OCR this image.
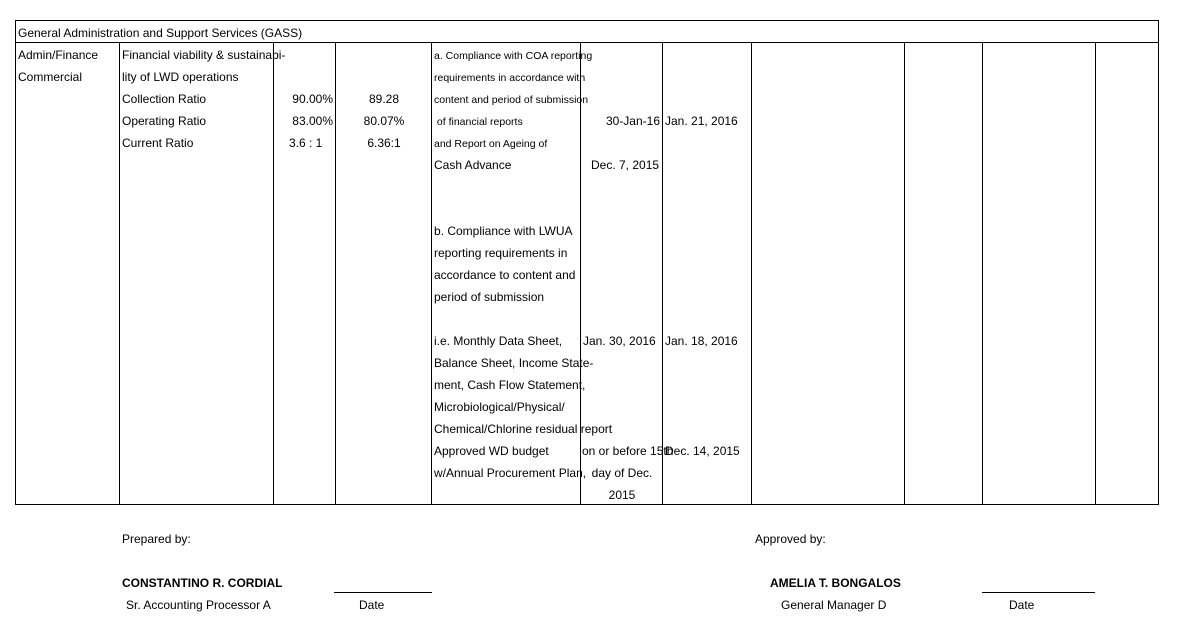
General Administration and Support Services (GASS)
Admin/Finance
Commercial
Financial viability & sustainabi-
lity of LWD operations
Collection Ratio
Operating Ratio
Current Ratio
90.00%
83.00%
3.6 : 1
89.28
80.07%
6.36:1
a. Compliance with COA reporting
requirements in accordance with
content and period of submission
of financial reports
and Report on Ageing of
Cash Advance
b. Compliance with LWUA
reporting requirements in
accordance to content and
period of submission
i.e. Monthly Data Sheet,
Balance Sheet, Income State-
ment, Cash Flow Statement,
Microbiological/Physical/
Chemical/Chlorine residual report
Approved WD budget
w/Annual Procurement Plan,
30-Jan-16
Dec. 7, 2015
Jan. 30, 2016
on or before 15th
day of Dec.
2015
Jan. 21, 2016
Jan. 18, 2016
Dec. 14, 2015
Prepared by:
CONSTANTINO R. CORDIAL
Sr. Accounting Processor A	Date
Approved by:
AMELIA T. BONGALOS
General Manager D	Date
